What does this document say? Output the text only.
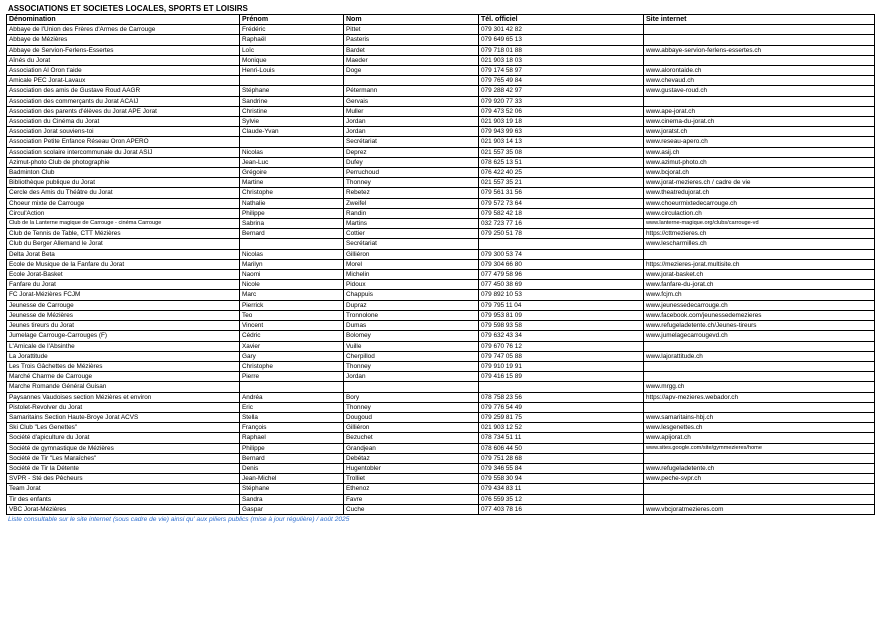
ASSOCIATIONS ET SOCIETES LOCALES, SPORTS ET LOISIRS
Dénomination	Prénom	Nom	Tél. officiel	Site internet
Abbaye de l'Union des Frères d'Armes de Carrouge	Frédéric	Pittet	079 301 42 82	
Abbaye de Mézières	Raphaël	Pasteris	079 649 65 13	
Abbaye de Servion-Ferlens-Essertes	Loïc	Bardet	079 718 01 88	www.abbaye-servion-ferlens-essertes.ch
Aînés du Jorat	Monique	Maeder	021 903 18 03	
Association Al Oron t'aide	Henri-Louis	Doge	079 174 58 97	www.alorontaide.ch
Amicale PEC Jorat-Lavaux			079 765 49 84	www.chevaud.ch
Association des amis de Gustave Roud AAGR	Stéphane	Pétermann	079 288 42 97	www.gustave-roud.ch
Association des commerçants du Jorat ACAIJ	Sandrine	Gervais	079 920 77 33	
Association des parents d'élèves du Jorat APE Jorat	Christine	Muller	079 473 52 06	www.ape-jorat.ch
Association du Cinéma du Jorat	Sylvie	Jordan	021 903 19 18	www.cinema-du-jorat.ch
Association Jorat souviens-toi	Claude-Yvan	Jordan	079 943 99 63	www.joratst.ch
Association Petite Enfance Réseau Oron APERO		Secrétariat	021 903 14 13	www.reseau-apero.ch
Association scolaire intercommunale du Jorat ASIJ	Nicolas	Deprez	021 557 35 08	www.asij.ch
Azimut-photo Club de photographie	Jean-Luc	Dufey	078 625 13 51	www.azimut-photo.ch
Badminton Club	Grégoire	Perruchoud	076 422 40 25	www.bcjorat.ch
Bibliothèque publique du Jorat	Martine	Thonney	021 557 35 21	www.jorat-mezieres.ch / cadre de vie
Cercle des Amis du Théâtre du Jorat	Christophe	Rebetez	079 561 31 56	www.theatredujorat.ch
Choeur mixte de Carrouge	Nathalie	Zweifel	079 572 73 64	www.choeurmixtedecarrouge.ch
Circul'Action	Philippe	Randin	079 582 42 18	www.circulaction.ch
Club de la Lanterne magique de Carrouge - cinéma Carrouge	Sabrina	Martins	032 723 77 16	www.lanterne-magique.org/clubs/carrouge-vd
Club de Tennis de Table, CTT Mézières	Bernard	Cottier	079 250 51 78	https://cttmezieres.ch
Club du Berger Allemand le Jorat		Secrétariat		www.lescharmilles.ch
Delta Jorat Beta	Nicolas	Gilliéron	079 300 53 74	
Ecole de Musique de la Fanfare du Jorat	Marilyn	Morel	079 304 66 80	https://mezieres-jorat.multisite.ch
Ecole Jorat-Basket	Naomi	Michelin	077 479 58 96	www.jorat-basket.ch
Fanfare du Jorat	Nicole	Pidoux	077 450 38 69	www.fanfare-du-jorat.ch
FC Jorat-Mézières FCJM	Marc	Chappuis	079 892 10 53	www.fcjm.ch
Jeunesse de Carrouge	Pierrick	Dupraz	079 795 11 04	www.jeunessedecarrouge.ch
Jeunesse de Mézières	Teo	Tronnolone	079 953 81 09	www.facebook.com/jeunessedemezieres
Jeunes tireurs du Jorat	Vincent	Dumas	079 598 93 58	www.refugeladetente.ch/Jeunes-tireurs
Jumelage Carrouge-Carrouges (F)	Cédric	Bolomey	079 632 43 34	www.jumelagecarrougevd.ch
L'Amicale de l'Absinthe	Xavier	Vuille	079 670 76 12	
La Jorattitude	Gary	Cherpillod	079 747 05 88	www.lajorattitude.ch
Les Trois Gâchettes de Mézières	Christophe	Thonney	079 910 19 91	
Marché Charme de Carrouge	Pierre	Jordan	079 416 15 89	
Marche Romande Général Guisan				www.mrgg.ch
Paysannes Vaudoises section Mézières et environ	Andréa	Bory	078 758 23 56	https://apv-mezieres.webador.ch
Pistolet-Revolver du Jorat	Eric	Thonney	079 776 54 49	
Samaritains Section Haute-Broye Jorat ACVS	Stella	Dougoud	079 259 81 75	www.samaritains-hbj.ch
Ski Club "Les Genettes"	François	Gilliéron	021 903 12 52	www.lesgenettes.ch
Société d'apiculture du Jorat	Raphael	Bezuchet	078 734 51 11	www.apijorat.ch
Société de gymnastique de Mézières	Philippe	Grandjean	078 606 44 50	www.sites.google.com/site/gymmezieres/home
Société de Tir "Les Maraîches"	Bernard	Debétaz	079 751 28 68	
Société de Tir la Détente	Denis	Hugentobler	079 346 55 84	www.refugeladetente.ch
SVPR - Sté des Pêcheurs	Jean-Michel	Trolliet	079 558 30 94	www.peche-svpr.ch
Team Jorat	Stéphane	Ethenoz	079 434 83 11	
Tir des enfants	Sandra	Favre	076 559 35 12	
VBC Jorat-Mézières	Gaspar	Cuche	077 403 78 16	www.vbcjoratmezieres.com
Liste consultable sur le site internet (sous cadre de vie) ainsi qu' aux piliers publics (mise à jour régulière) / août 2025
